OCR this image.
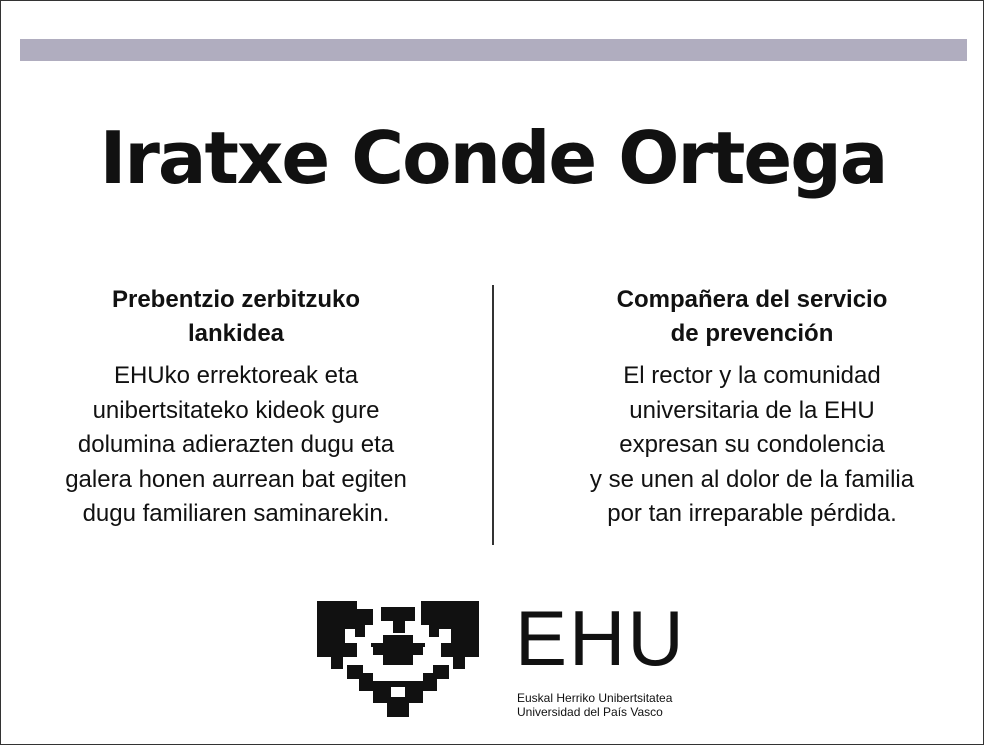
Iratxe Conde Ortega
Prebentzio zerbitzuko
lankidea
EHUko errektoreak eta
unibertsitateko kideok gure
dolumina adierazten dugu eta
galera honen aurrean bat egiten
dugu familiaren saminarekin.
Compañera del servicio
de prevención
El rector y la comunidad
universitaria de la EHU
expresan su condolencia
y se unen al dolor de la familia
por tan irreparable pérdida.
EHU
Euskal Herriko Unibertsitatea
Universidad del País Vasco
